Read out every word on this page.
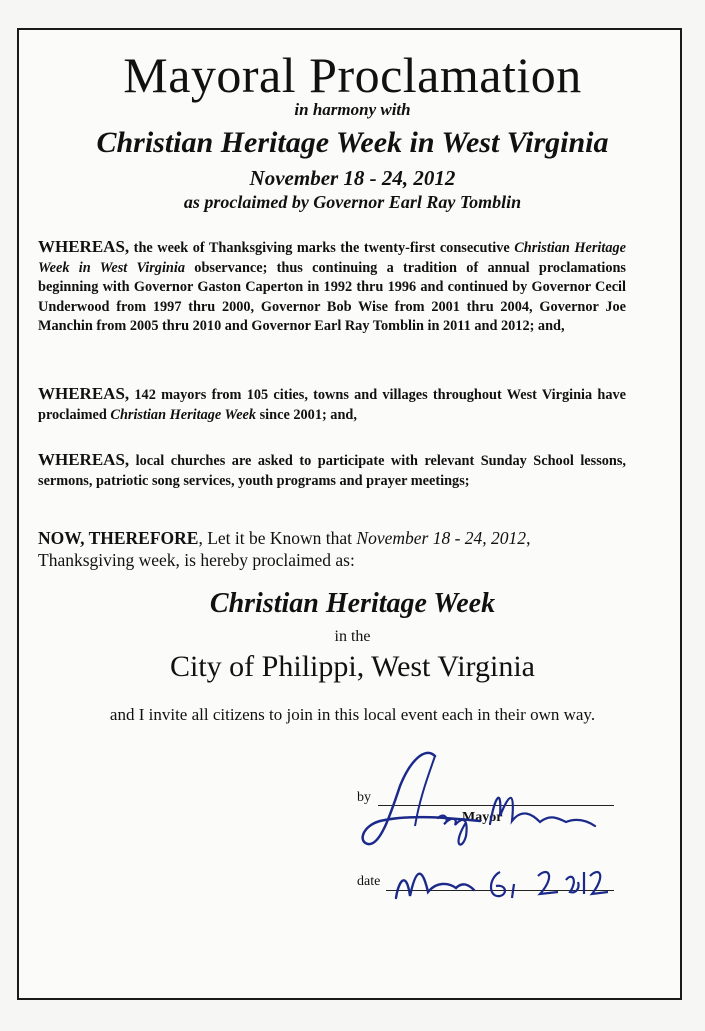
Mayoral Proclamation
in harmony with
Christian Heritage Week in West Virginia
November 18 - 24, 2012
as proclaimed by Governor Earl Ray Tomblin
WHEREAS, the week of Thanksgiving marks the twenty-first consecutive Christian Heritage Week in West Virginia observance; thus continuing a tradition of annual proclamations beginning with Governor Gaston Caperton in 1992 thru 1996 and continued by Governor Cecil Underwood from 1997 thru 2000, Governor Bob Wise from 2001 thru 2004, Governor Joe Manchin from 2005 thru 2010 and Governor Earl Ray Tomblin in 2011 and 2012; and,
WHEREAS, 142 mayors from 105 cities, towns and villages throughout West Virginia have proclaimed Christian Heritage Week since 2001; and,
WHEREAS, local churches are asked to participate with relevant Sunday School lessons, sermons, patriotic song services, youth programs and prayer meetings;
NOW, THEREFORE, Let it be Known that November 18 - 24, 2012,
Thanksgiving week, is hereby proclaimed as:
Christian Heritage Week
in the
City of Philippi, West Virginia
and I invite all citizens to join in this local event each in their own way.
by
Mayor
date
